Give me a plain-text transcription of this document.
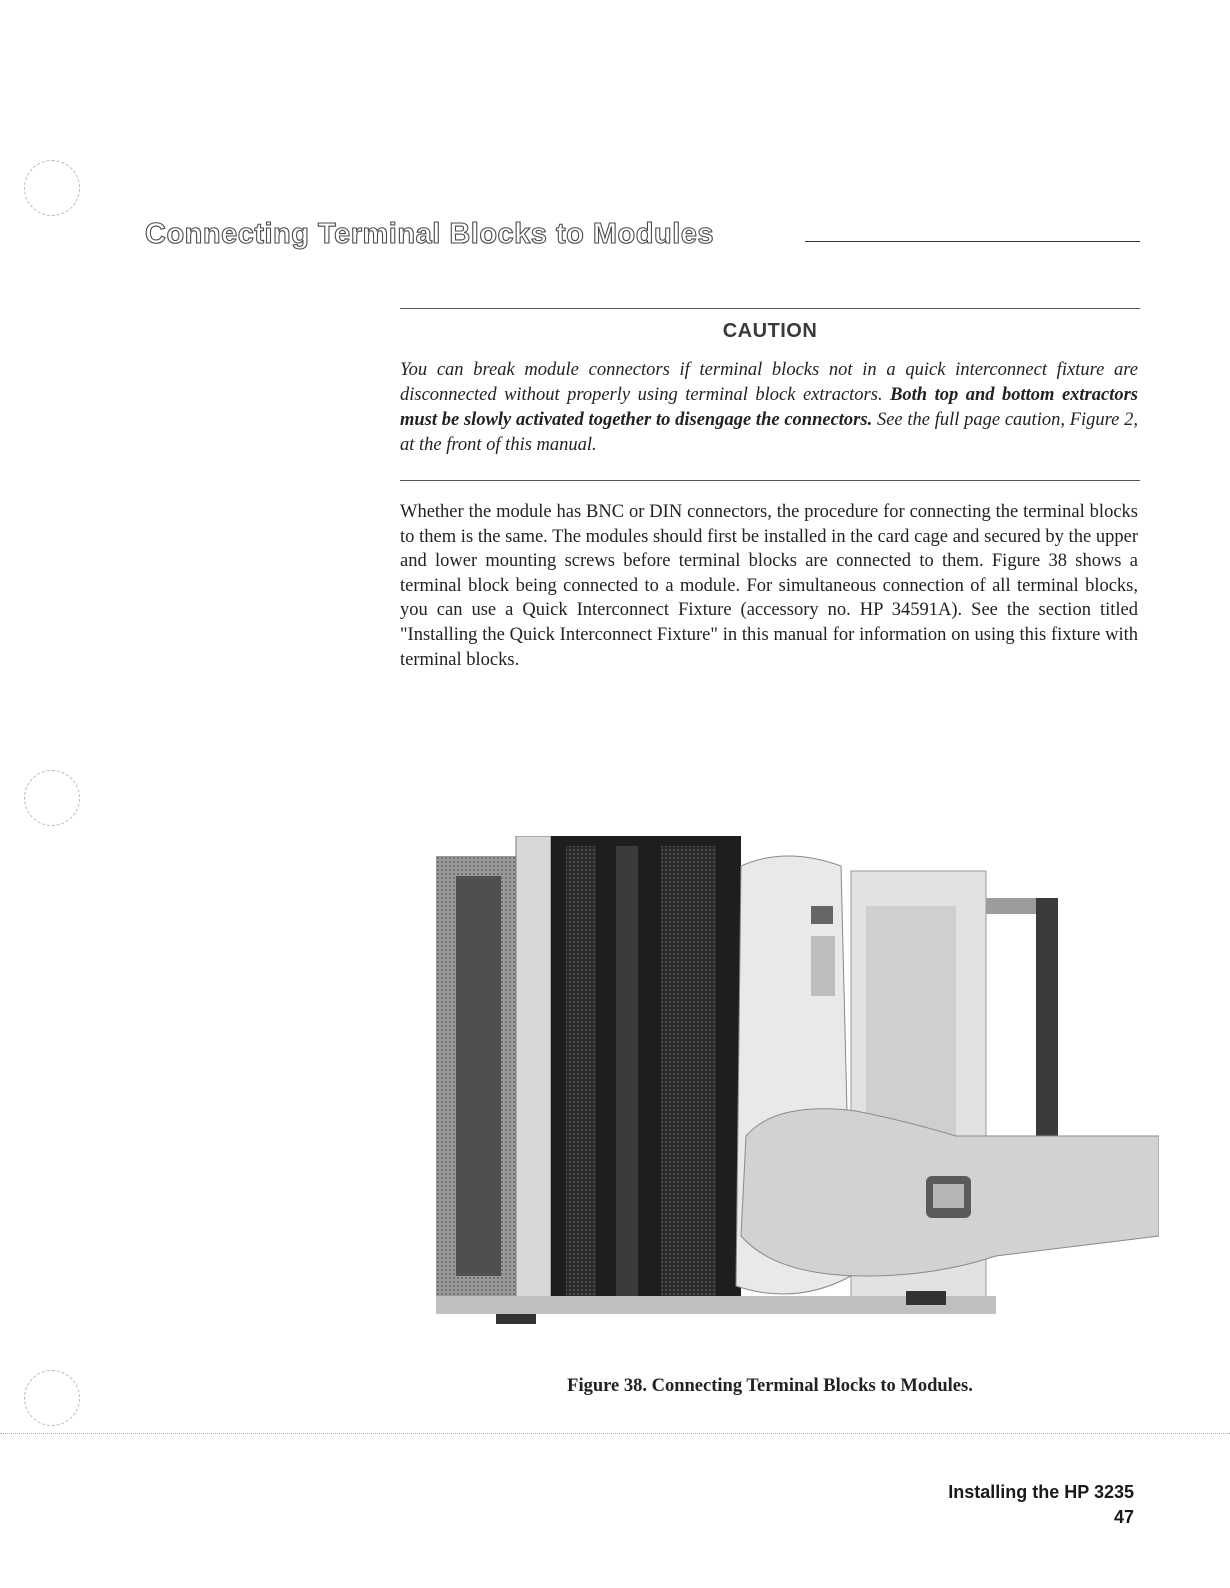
Connecting Terminal Blocks to Modules
CAUTION

You can break module connectors if terminal blocks not in a quick interconnect fixture are disconnected without properly using terminal block extractors. Both top and bottom extractors must be slowly activated together to disengage the connectors. See the full page caution, Figure 2, at the front of this manual.

Whether the module has BNC or DIN connectors, the procedure for connecting the terminal blocks to them is the same. The modules should first be installed in the card cage and secured by the upper and lower mounting screws before terminal blocks are connected to them. Figure 38 shows a terminal block being connected to a module. For simultaneous connection of all terminal blocks, you can use a Quick Interconnect Fixture (accessory no. HP 34591A). See the section titled "Installing the Quick Interconnect Fixture" in this manual for information on using this fixture with terminal blocks.

Figure 38. Connecting Terminal Blocks to Modules.

Installing the HP 3235

47
